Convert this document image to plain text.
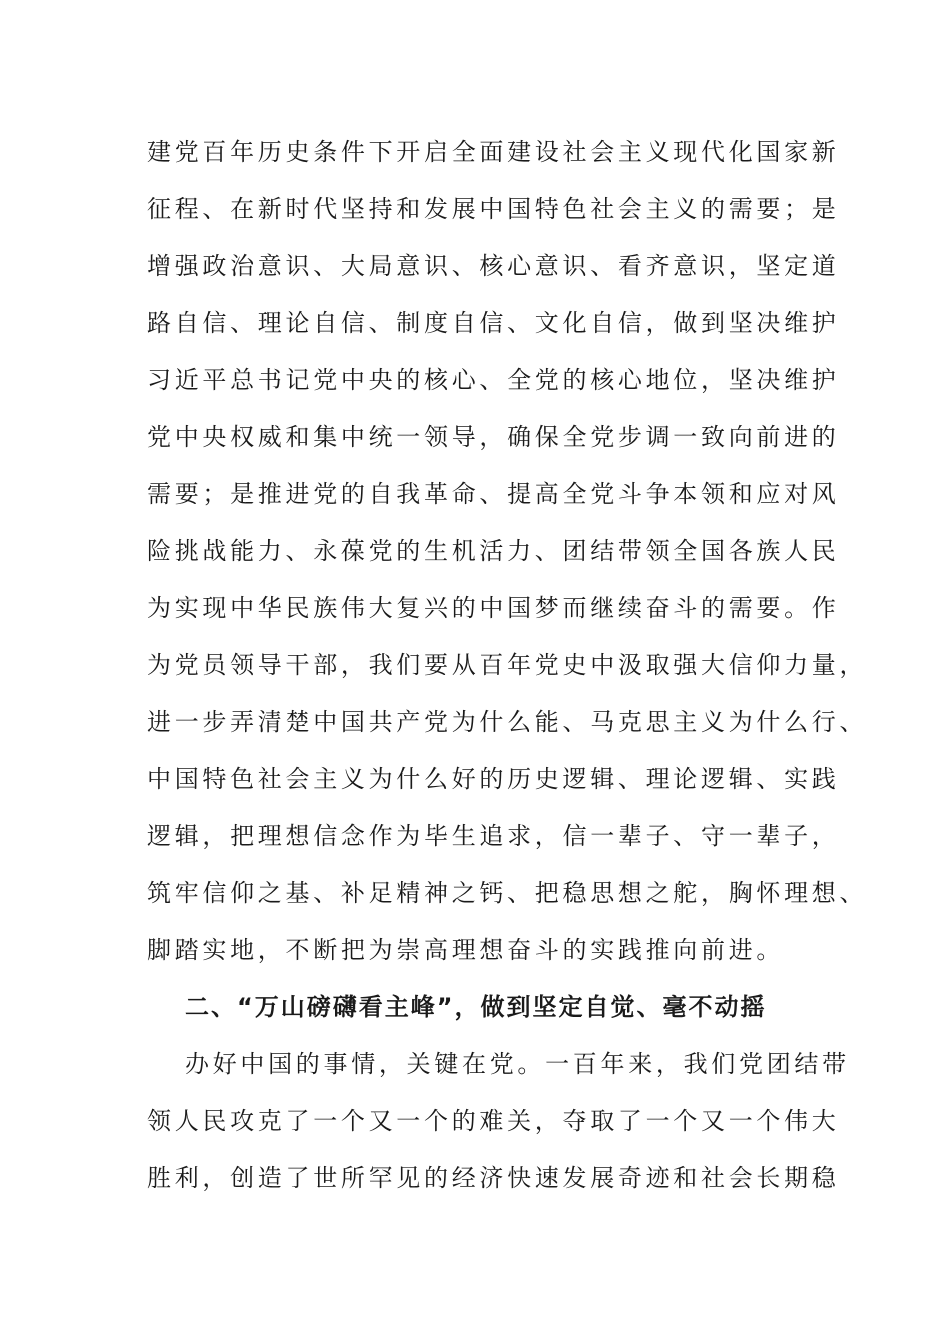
建党百年历史条件下开启全面建设社会主义现代化国家新
征程、在新时代坚持和发展中国特色社会主义的需要；是
增强政治意识、大局意识、核心意识、看齐意识，坚定道
路自信、理论自信、制度自信、文化自信，做到坚决维护
习近平总书记党中央的核心、全党的核心地位，坚决维护
党中央权威和集中统一领导，确保全党步调一致向前进的
需要；是推进党的自我革命、提高全党斗争本领和应对风
险挑战能力、永葆党的生机活力、团结带领全国各族人民
为实现中华民族伟大复兴的中国梦而继续奋斗的需要。作
为党员领导干部，我们要从百年党史中汲取强大信仰力量，
进一步弄清楚中国共产党为什么能、马克思主义为什么行、
中国特色社会主义为什么好的历史逻辑、理论逻辑、实践
逻辑，把理想信念作为毕生追求，信一辈子、守一辈子，
筑牢信仰之基、补足精神之钙、把稳思想之舵，胸怀理想、
脚踏实地，不断把为崇高理想奋斗的实践推向前进。
二、“万山磅礴看主峰”，做到坚定自觉、毫不动摇
办好中国的事情，关键在党。一百年来，我们党团结带
领人民攻克了一个又一个的难关，夺取了一个又一个伟大
胜利，创造了世所罕见的经济快速发展奇迹和社会长期稳
